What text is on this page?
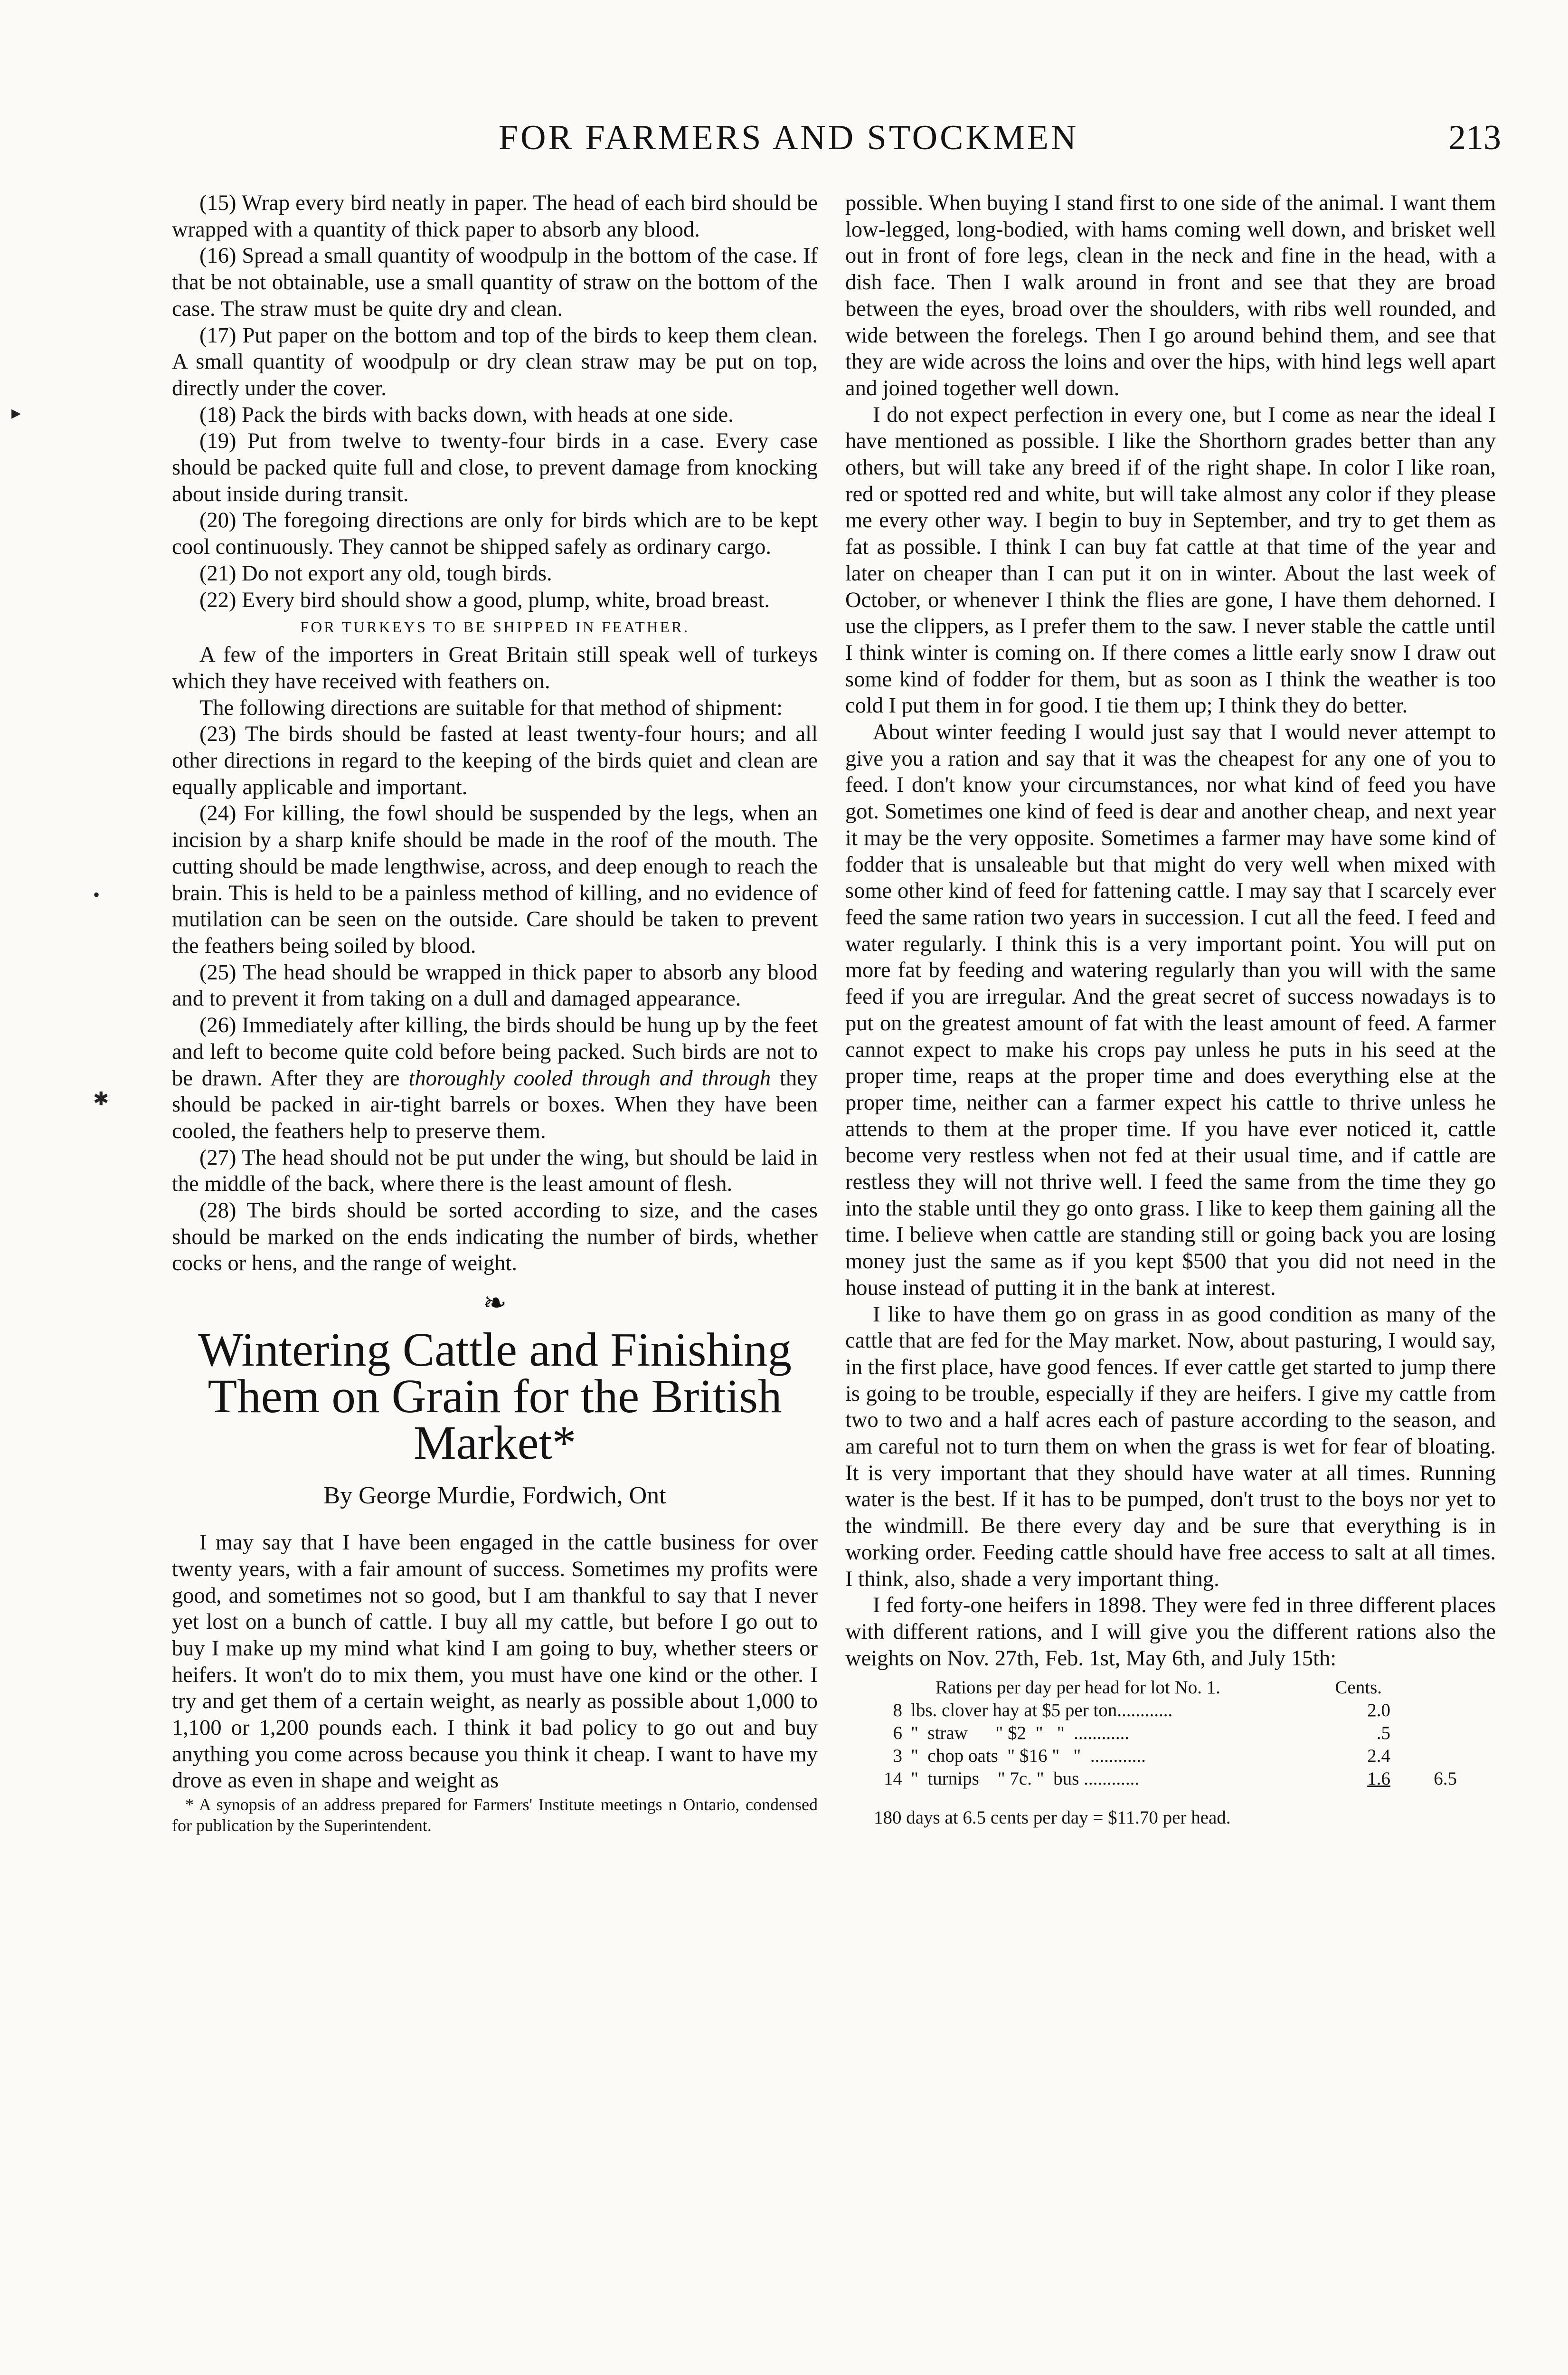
FOR FARMERS AND STOCKMEN	213
▸
•
✱

(15) Wrap every bird neatly in paper. The head of each bird should be wrapped with a quantity of thick paper to absorb any blood.

(16) Spread a small quantity of woodpulp in the bottom of the case. If that be not obtainable, use a small quantity of straw on the bottom of the case. The straw must be quite dry and clean.

(17) Put paper on the bottom and top of the birds to keep them clean. A small quantity of woodpulp or dry clean straw may be put on top, directly under the cover.

(18) Pack the birds with backs down, with heads at one side.

(19) Put from twelve to twenty-four birds in a case. Every case should be packed quite full and close, to prevent damage from knocking about inside during transit.

(20) The foregoing directions are only for birds which are to be kept cool continuously. They cannot be shipped safely as ordinary cargo.

(21) Do not export any old, tough birds.

(22) Every bird should show a good, plump, white, broad breast.

FOR TURKEYS TO BE SHIPPED IN FEATHER.

A few of the importers in Great Britain still speak well of turkeys which they have received with feathers on.

The following directions are suitable for that method of shipment:

(23) The birds should be fasted at least twenty-four hours; and all other directions in regard to the keeping of the birds quiet and clean are equally applicable and important.

(24) For killing, the fowl should be suspended by the legs, when an incision by a sharp knife should be made in the roof of the mouth. The cutting should be made lengthwise, across, and deep enough to reach the brain. This is held to be a painless method of killing, and no evidence of mutilation can be seen on the outside. Care should be taken to prevent the feathers being soiled by blood.

(25) The head should be wrapped in thick paper to absorb any blood and to prevent it from taking on a dull and damaged appearance.

(26) Immediately after killing, the birds should be hung up by the feet and left to become quite cold before being packed. Such birds are not to be drawn. After they are thoroughly cooled through and through they should be packed in air-tight barrels or boxes. When they have been cooled, the feathers help to preserve them.

(27) The head should not be put under the wing, but should be laid in the middle of the back, where there is the least amount of flesh.

(28) The birds should be sorted according to size, and the cases should be marked on the ends indicating the number of birds, whether cocks or hens, and the range of weight.

❧
Wintering Cattle and Finishing Them on Grain for the British Market*
By George Murdie, Fordwich, Ont

I may say that I have been engaged in the cattle business for over twenty years, with a fair amount of success. Sometimes my profits were good, and sometimes not so good, but I am thankful to say that I never yet lost on a bunch of cattle. I buy all my cattle, but before I go out to buy I make up my mind what kind I am going to buy, whether steers or heifers. It won't do to mix them, you must have one kind or the other. I try and get them of a certain weight, as nearly as possible about 1,000 to 1,100 or 1,200 pounds each. I think it bad policy to go out and buy anything you come across because you think it cheap. I want to have my drove as even in shape and weight as

* A synopsis of an address prepared for Farmers' Institute meetings n Ontario, condensed for publication by the Superintendent.

possible. When buying I stand first to one side of the animal. I want them low-legged, long-bodied, with hams coming well down, and brisket well out in front of fore legs, clean in the neck and fine in the head, with a dish face. Then I walk around in front and see that they are broad between the eyes, broad over the shoulders, with ribs well rounded, and wide between the forelegs. Then I go around behind them, and see that they are wide across the loins and over the hips, with hind legs well apart and joined together well down.

I do not expect perfection in every one, but I come as near the ideal I have mentioned as possible. I like the Shorthorn grades better than any others, but will take any breed if of the right shape. In color I like roan, red or spotted red and white, but will take almost any color if they please me every other way. I begin to buy in September, and try to get them as fat as possible. I think I can buy fat cattle at that time of the year and later on cheaper than I can put it on in winter. About the last week of October, or whenever I think the flies are gone, I have them dehorned. I use the clippers, as I prefer them to the saw. I never stable the cattle until I think winter is coming on. If there comes a little early snow I draw out some kind of fodder for them, but as soon as I think the weather is too cold I put them in for good. I tie them up; I think they do better.

About winter feeding I would just say that I would never attempt to give you a ration and say that it was the cheapest for any one of you to feed. I don't know your circumstances, nor what kind of feed you have got. Sometimes one kind of feed is dear and another cheap, and next year it may be the very opposite. Sometimes a farmer may have some kind of fodder that is unsaleable but that might do very well when mixed with some other kind of feed for fattening cattle. I may say that I scarcely ever feed the same ration two years in succession. I cut all the feed. I feed and water regularly. I think this is a very important point. You will put on more fat by feeding and watering regularly than you will with the same feed if you are irregular. And the great secret of success nowadays is to put on the greatest amount of fat with the least amount of feed. A farmer cannot expect to make his crops pay unless he puts in his seed at the proper time, reaps at the proper time and does everything else at the proper time, neither can a farmer expect his cattle to thrive unless he attends to them at the proper time. If you have ever noticed it, cattle become very restless when not fed at their usual time, and if cattle are restless they will not thrive well. I feed the same from the time they go into the stable until they go onto grass. I like to keep them gaining all the time. I believe when cattle are standing still or going back you are losing money just the same as if you kept $500 that you did not need in the house instead of putting it in the bank at interest.

I like to have them go on grass in as good condition as many of the cattle that are fed for the May market. Now, about pasturing, I would say, in the first place, have good fences. If ever cattle get started to jump there is going to be trouble, especially if they are heifers. I give my cattle from two to two and a half acres each of pasture according to the season, and am careful not to turn them on when the grass is wet for fear of bloating. It is very important that they should have water at all times. Running water is the best. If it has to be pumped, don't trust to the boys nor yet to the windmill. Be there every day and be sure that everything is in working order. Feeding cattle should have free access to salt at all times. I think, also, shade a very important thing.

I fed forty-one heifers in 1898. They were fed in three different places with different rations, and I will give you the different rations also the weights on Nov. 27th, Feb. 1st, May 6th, and July 15th:

Rations per day per head for lot No. 1.	Cents.
8 lbs. clover hay at $5 per ton............	2.0
6 "  straw      " $2  "   "  ............	.5
3 "  chop oats  " $16 "   "  ............	2.4
14 "  turnips    " 7c. "  bus ............	1.6	6.5
180 days at 6.5 cents per day = $11.70 per head.
